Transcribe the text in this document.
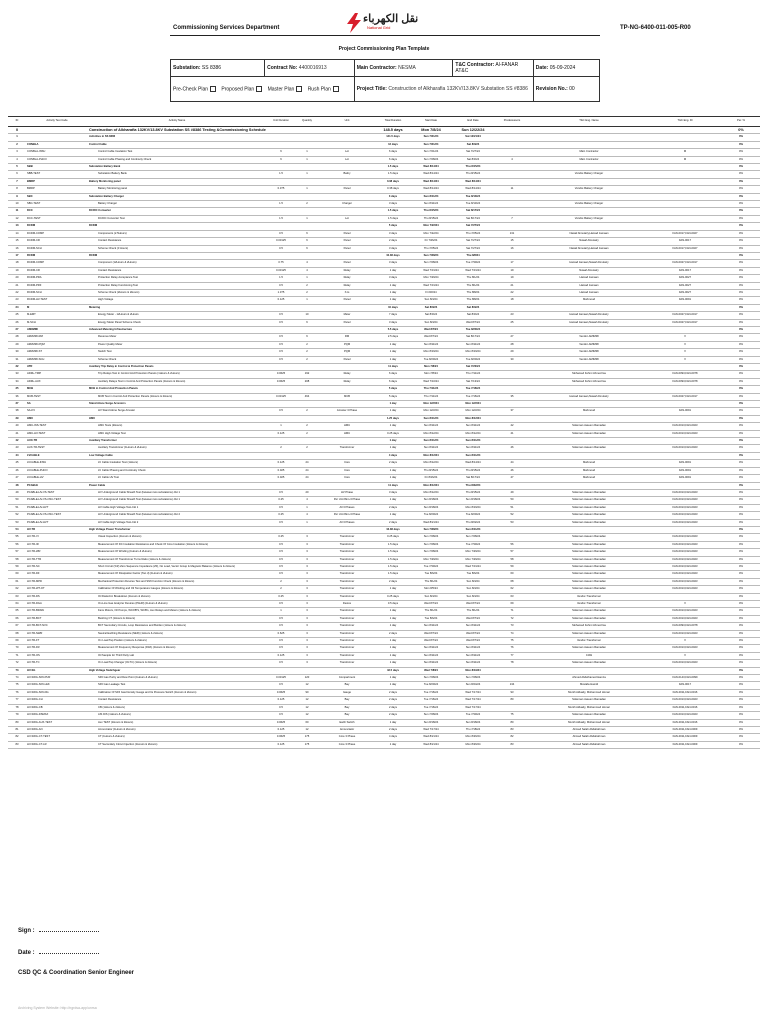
Commissioning Services Department
نقل الكهرباء
National Grid	TP-NG-6400-011-005-R00
Project Commissioning Plan Template
Substation: SS 8386	Contract No: 4400016913	Main Contractor: NESMA	T&C Contractor: Al-FANAR AT&C	Date: 05-09-2024
Pre-Check Plan Proposed Plan Master Plan Rush Plan		Project Title: Construction of Alkharafia 132KV/13.8KV Substation SS #8386		Revision No.: 00
ID	Activity Test Code	Activity Name	Unit Duration	Quantity	Unit	Total Duration	Start Date	End Date	Predecessors	T&C Eng. Name	T&C Eng. ID	Per. %
0		Construction of Alkharafia 132KV/13.8KV Substation SS #8386 Testing &Commissioning Schedule				148.5 days	Mon 7/8/24	Sun 12/22/24				0%
1		Activities in SS 8386				141.5 days	Sun 7/21/24	Sat 12/21/24				0%
2	CONBLA	Control Cable				12 days	Sun 7/21/24	Sat 8/3/24				0%
3	CONBLA-INSU	Control Cable Insulation Test	6	1	Lot	6 days	Sun 7/21/24	Sat 7/27/24		Main Contractor	M	0%
4	CONBLA-PHCO	Control Cable Phasing and Continuity Check	6	1	Lot	6 days	Sun 7/28/24	Sat 8/3/24	4	Main Contractor	M	0%
5	SBB	Substation Battery Bank				1.5 days	Wed 8/14/24	Thu 8/15/24				0%
6	SBB-TEST	Substation Battery Bank	1.5	1	Battry	1.5 days	Wed 8/14/24	Thu 8/15/24		Vendor-Battery Charger		0%
7	BMRP	Battery Monitoring panel				0.38 days	Wed 8/14/24	Wed 8/14/24				0%
8	BMRP	Battery Monitoring panel	0.375	1	Panel	0.38 days	Wed 8/14/24	Wed 8/14/24	11	Vendor-Battery Charger		0%
9	SBC	Substation Battery Charger				3 days	Sun 8/11/24	Tue 8/13/24				0%
10	SBC-TEST	Battery Charger	1.5	2	Charger	3 days	Sun 8/11/24	Tue 8/13/24		Vendor-Battery Charger		0%
11	DCC	DC/DC Converter				1.5 days	Thu 8/15/24	Sat 8/17/24				0%
12	DCC-TEST	DC/DC Converter Test	1.5	1	Lot	1.5 days	Thu 8/15/24	Sat 8/17/24	7	Vendor-Battery Charger		0%
13	DCDM	DCDM				5 days	Mon 7/22/24	Sat 7/27/24				0%
14	DCDM-COMP	Components (2.5Hours)	0.5	6	Panel	3 days	Mon 7/22/24	Thu 7/25/24	131	Nawaf Almutairy,Hamad Jamaan	FAN-0017,FAN-0027	0%
15	DCDM-CR	Contact Resistance	0.03125	6	Panel	2 days	Fri 7/26/24	Sat 7/27/24	15	Nawaf Almutairy	FAN-0017	0%
16	DCDM-SCH	Scheme Check (3 Hours)	0.5	6	Panel	3 days	Thu 7/25/24	Sat 7/27/24	16	Nawaf Almutairy,Hamad Jamaan	FAN-0017,FAN-0027	0%
17	RCDM	RCDM				10.38 days	Sun 7/28/24	Thu 8/8/24				0%
18	RCDM-COMP	Component (12Hours & 2Hours)	0.75	4	Panel	3 days	Sun 7/28/24	Tue 7/30/24	17	Hamad Jamaan,Nawaf Almutairy	FAN-0027,FAN-0017	0%
19	RCDM-CR	Contact Resistance	0.03125	4	Relay	1 day	Wed 7/31/24	Wed 7/31/24	19	Nawaf Almutairy	FAN-0017	0%
20	RCDM-PRA	Protection Relay Acceptance Test	1.5	1	Relay	3 days	Mon 7/29/24	Thu 8/1/24	19	Hamad Jamaan	FAN-0027	0%
21	RCDM-PRF	Protection Relay Functioning Test	0.5	2	Relay	1 day	Wed 7/31/24	Thu 8/1/24	21	Hamad Jamaan	FAN-0027	0%
22	RCDM-SCH	Scheme Check (2Hours & 2Hours)	1.375	2	X-ls	1 day	Fri 8/2/24	Thu 8/8/24	22	Hamad Jamaan	FAN-0027	0%
23	RCDM-HV-TEST	High Voltage	0.125	1	Panel	1 day	Sun 8/4/24	Thu 8/8/24	18	Mahmoud	FAN-0091	0%
24	M	Metering				10 days	Sat 8/3/24	Sat 8/3/24				0%
25	M-EMT	Energy Meter - 12Hours & 2Hours	0.5	10	Meter	7 days	Sat 8/3/24	Sat 8/3/24	23	Hamad Jamaan,Nawaf Almutairy	FAN-0027,FAN-0017	0%
26	M-SCH	Energy Meter Panel Scheme Check	0.5	6	Panel	3 days	Sun 8/4/24	Wed 8/7/24	25	Hamad Jamaan,Nawaf Almutairy	FAN-0027,FAN-0017	0%
27	AMI/MMI	Advanced Metering Infrastructure				5.5 days	Wed 8/7/24	Tue 8/20/24				0%
28	AMI/MMI-RM	Revenue Meter	0.5	6	RM	2.5 days	Wed 8/7/24	Sat 8/17/24	27	Vendor-AMIMMI	V	0%
29	AMI/MMI-PQM	Power Quality Meter	0.5	2	PQM	1 day	Sun 8/11/24	Sun 8/11/24	28	Vendor-AMIMMI	V	0%
30	AMI/MMI-ST	Switch Test	0.5	2	PQM	1 day	Mon 8/19/24	Mon 8/19/24	29	Vendor-AMIMMI	V	0%
31	AMI/MMI-SCH	Scheme Check	0.5	2	Panel	1 day	Tue 8/20/24	Tue 8/20/24	30	Vendor-AMIMMI	V	0%
32	ATR	Auxiliary Trip Relay in Control & Protection Panels				11 days	Mon 7/8/24	Sat 7/20/24				0%
33	ADRL-TRIP	Trip Relays Test in Control And Protection Panels (1Hours & 2Hours)	0.0625	192	Relay	6 days	Mon 7/8/24	Thu 7/11/24		Mohamed Fehmi Ahmed Isa	FAN-0093,FAN-0078	0%
34	ADRL-AUX	Auxiliary Relays Test in Control And Protection Panels (1Hours & 2Hours)	0.0625	208	Relay	6 days	Wed 7/10/24	Sat 7/13/24		Mohamed Fehmi Ahmed Isa	FAN-0093,FAN-0078	0%
35	MCB	MCB in Control And Protection Panels				5 days	Thu 7/11/24	Tue 7/16/24				0%
36	MCB-TEST	MCB Test in Control And Protection Panels (1Hours & 2Hours)	0.03125	464	MCB	5 days	Thu 7/11/24	Tue 7/16/24	35	Hamad Jamaan,Nawaf Almutairy	FAN-0027,FAN-0017	0%
37	SA	Stand Alone Surge Arrestors				1 day	Mon 12/2/24	Mon 12/2/24				0%
38	SA-KV	HV Stand Alone Surge Arrester	0.5	2	Arrester 3 Phase	1 day	Mon 12/2/24	Mon 12/2/24	37	Mahmoud	FAN-0091	0%
39	HMU	HMU				1.25 days	Sun 8/11/24	Mon 8/12/24				0%
40	HMU-INS-TEST	HMU Tests (2Hours)	1	2	HMU	1 day	Sun 8/11/24	Sun 8/11/24	42	Solieman Jaseem Ramadan	FAN-0013,FAN-0023	0%
41	HMU-HV-TEST	HMU High Voltage Test	0.125	2	HMU	0.25 days	Mon 8/12/24	Mon 8/12/24	41	Solieman Jaseem Ramadan	FAN-0013,FAN-0023	0%
42	AUX-TR	Auxiliary Transformer				1 day	Sun 8/11/24	Sun 8/11/24				0%
43	AUX-TR-TEST	Auxiliary Transformer (1Hours & 2Hours)	2	2	Transformer	1 day	Sun 8/11/24	Sun 8/11/24	46	Solieman Jaseem Ramadan	FAN-0013,FAN-0023	0%
44	LVCABLE	Low Voltage Cable				4 days	Mon 8/12/24	Sun 8/11/24				0%
45	LVCABLE-INSU	LV Cable Insulation Test (1Hours)	0.125	24	Core	2 days	Mon 8/12/24	Wed 8/14/24	44	Mahmoud	FAN-0091	0%
46	LVCABLE-PHCO	LV Cable Phasing and Continuity Check	0.025	24	Core	1 day	Thu 8/15/24	Thu 8/15/24	46	Mahmoud	FAN-0091	0%
47	LVCABLE-HV	LV Cable HV Test	0.025	24	Core	1 day	Fri 8/16/24	Sat 8/17/24	47	Mahmoud	FAN-0091	0%
48	PCABLE	Power Cable				11 days	Mon 8/12/24	Thu 8/22/24				0%
49	PCABLE-HV-VS-TEST	HV Underground Cable Sheath Test (between two substations)-Ckt 1	0.5	20	HV Phase	3 days	Mon 8/12/24	Thu 8/15/24	49	Solieman Jaseem Ramadan	FAN-0013,FAN-0023	0%
50	PCABLE-HV-VS-OSC-TEST	HV Underground Cable Sheath Test (between two substations)-Ckt 1	0.25	4	Per Unit 8km-3 Phase	1 day	Sun 8/18/24	Sun 8/18/24	50	Solieman Jaseem Ramadan	FAN-0013,FAN-0023	0%
51	PCABLE-HV-HVT	HV Cable High Voltage Test-Ckt 1	0.5	1	All 3 Phases	2 days	Sun 8/18/24	Mon 8/19/24	51	Solieman Jaseem Ramadan	FAN-0013,FAN-0023	0%
52	PCABLE-HV-VS-OSC-TEST	HV Underground Cable Sheath Test (between two substations)-Ckt 2	0.25	4	Per Unit 8km-3 Phase	1 day	Tue 8/20/24	Tue 8/20/24	52	Solieman Jaseem Ramadan	FAN-0013,FAN-0023	0%
53	PCABLE-HV-HVT	HV Cable High Voltage Test-Ckt 2	0.5	1	All 3 Phases	2 days	Wed 8/21/24	Thu 8/22/24	53	Solieman Jaseem Ramadan	FAN-0013,FAN-0023	0%
54	HV-TR	High Voltage Power Transformer				16.38 days	Sun 7/28/24	Sun 8/11/24				0%
55	HV-TR-VI	Visual Inspection (1Hours & 2Hours)	0.25	3	Transformer	0.25 days	Sun 7/28/24	Sun 7/28/24		Solieman Jaseem Ramadan	FAN-0013,FAN-0023	0%
56	HV-TR-IR	Measurement Of DC Insulation Resistance and Check Of Core Insulation (1Hours & 2Hours)	0.5	3	Transformer	1.5 days	Sun 7/28/24	Tue 7/30/24	56	Solieman Jaseem Ramadan	FAN-0013,FAN-0023	0%
57	HV-TR-WR	Measurement Of Winding (1Hours & 2Hours)	0.5	3	Transformer	1.5 days	Sun 7/28/24	Mon 7/29/24	57	Solieman Jaseem Ramadan	FAN-0013,FAN-0023	0%
58	HV-TR-TTR	Measurement Of Transformer Turns Ratio (1Hours & 2Hours)	0.5	3	Transformer	1.5 days	Mon 7/29/24	Mon 7/29/24	58	Solieman Jaseem Ramadan	FAN-0013,FAN-0023	0%
59	HV-TR-SC	Short Circuit (%Z) Zero Sequence Impedance (Z0), No Load, Vector Group & Magnetic Balance (1Hours & 2Hours)	0.5	3	Transformer	1.5 days	Tue 7/30/24	Wed 7/31/24	59	Solieman Jaseem Ramadan	FAN-0013,FAN-0023	0%
60	HV-TR-DF	Measurement Of Dissipation Factor (Tan d) (1Hours & 2Hours)	0.5	3	Transformer	1.5 days	Tue 8/6/24	Tue 8/6/24	60	Solieman Jaseem Ramadan	FAN-0013,FAN-0023	0%
61	HV-TR-MPD	Mechanical Protection Devices Test and Shift Function Check (1Hours & 2Hours)	2	3	Transformer	2 days	Thu 8/1/24	Sun 8/4/24	68	Solieman Jaseem Ramadan	FAN-0013,FAN-0023	0%
62	HV-TR-WT-OT	Calibration Of Winding and Oil Temperature Gauges (1Hours & 2Hours)	2	3	Transformer	1 day	Mon 8/5/24	Sun 8/4/24	62	Solieman Jaseem Ramadan	FAN-0013,FAN-0023	0%
63	HV-TR-DS	Oil Dielectric Breakdown (1Hours & 2Hours)	0.25	3	Transformer	0.25 days	Sun 8/4/24	Sun 8/4/24	63	Vendor-Transformer		0%
64	HV-TR-DGA	On-Line Gas Analyzer Devices (PAHD) (1Hours & 2Hours)	0.5	3	Device	0.5 days	Wed 8/7/24	Wed 8/7/24	69	Vendor-Transformer	V	0%
65	HV-TR-BRAW	Fans Motors, Oil Pumps, WCOB'S, WCB's, Aux Relays and Meters (1Hours & 2Hours)	1	3	Transformer	1 day	Thu 8/1/24	Thu 8/1/24	71	Solieman Jaseem Ramadan	FAN-0013,FAN-0023	0%
66	HV-TR-BCT	Bushing CT (1Hours & 2Hours)	0.5	3	Transformer	1 day	Tue 8/6/24	Wed 8/7/24	72	Solieman Jaseem Ramadan	FAN-0013,FAN-0023	0%
67	HV-TR-BCT-NVC	BCT Secondary Circuits, Loop Resistance and Burden (1Hours & 2Hours)	0.5	3	Transformer	1 day	Sun 8/11/24	Sun 8/11/24	73	Mohamed Fehmi Ahmed Isa	FAN-0093,FAN-0078	0%
68	HV-TR-NWR	Neutral Earthing Resistance (NER) (1Hours & 2Hours)	0.625	3	Transformer	2 days	Wed 8/7/24	Wed 8/7/24	74	Solieman Jaseem Ramadan	FAN-0013,FAN-0023	0%
69	HV-TR-FT	On Load Tap Position (1Hours & 2Hours)	0.5	3	Transformer	1 day	Wed 8/7/24	Wed 8/7/24	75	Vendor-Transformer	V	0%
70	HV-TR-FR	Measurement Of Frequency Response (FRA) (1Hours & 2Hours)	0.5	3	Transformer	1 day	Sun 8/11/24	Sun 8/11/24	76	Solieman Jaseem Ramadan	FAN-0013,FAN-0023	0%
71	HV-TR-OS	Oil Sample for Third Party Lab	0.125	3	Transformer	1 day	Sun 8/11/24	Sun 8/11/24	77	CAW	V	0%
72	HV-TR-TC	On Load Tap Changer (OLTC) (1Hours & 2Hours)	0.5	3	Transformer	1 day	Sun 8/11/24	Sun 8/11/24	78	Solieman Jaseem Ramadan	FAN-0013,FAN-0023	0%
73	HV-SG	High Voltage Switchgear				43.5 days	Wed 7/8/24	Mon 8/19/24				0%
74	HV-SWG-SF6-PUR	SF6 Gas Purity and Dew Point (1Hours & 2Hours)	0.03125	120	Compartment	1 day	Sun 7/28/24	Sun 7/28/24		Ahmed Abdelhamed Hamza	FAN-0143,FAN-0099	0%
75	HV-SWG-SF6-LEK	SF6 Gas Leakage Test	0.5	12	Bay	1 day	Tue 8/20/24	Sun 8/24/24	134	Mostafa Hamdi	FAN-0017	0%
76	HV-SWG-SF6-DG	Calibration Of SF6 Gas Density Gauge and Its Pressure Switch (1Hours & 2Hours)	0.0625	90	Gauge	2 days	Tue 7/16/24	Wed 7/17/24	93	Munth Alduaily, Mohammed Homar	FAN-0011,FAN-0016	0%
77	HV-SWG-CH	Contact Resistance	0.125	12	Bay	2 days	Tue 7/16/24	Wed 7/17/24	80	Solieman Jaseem Ramadan	FAN-0013,FAN-0023	0%
78	HV-SWG-CB	CB (1Hours & 2Hours)	0.5	12	Bay	2 days	Tue 7/16/24	Wed 7/17/24		Munth Alduaily, Mohammed Homar	FAN-0011,FAN-0016	0%
79	HV-SWG-DSMAX	AIS DIS (1Hours & 2Hours)	0.5	12	Bay	2 days	Sun 7/28/24	Tue 7/30/24	75	Solieman Jaseem Ramadan	FAN-0013,FAN-0023	0%
80	HV-SWG-AUX-TEST	Aux TEST (1Hours & 2Hours)	0.0625	60	Earth Switch	1 day	Sun 8/18/24	Sun 8/18/24	80	Munth Alduaily, Mohammed Homar	FAN-0011,FAN-0016	0%
81	HV-SWG-AN	Annunciator (1Hours & 2Hours)	0.125	12	Annunciator	2 days	Wed 7/17/24	Thu 7/18/24	83	Ahmed Salah Abdalrahman	FAN-0011,FAN-0009	0%
82	HV-SWG-CT-TEST	CT (1Hours & 2Hours)	0.0625	175	Core 3 Phase	4 days	Wed 8/21/24	Mon 8/26/24	82	Ahmed Salah Abdalrahman	FAN-0011,FAN-0009	0%
83	HV-SWG-CT-LR	CT Secondary Circuit Injection (1Hours & 2Hours)	0.125	175	Core 3 Phase	1 day	Wed 8/21/24	Mon 8/26/24	83	Ahmed Salah Abdalrahman	FAN-0011,FAN-0009	0%
Sign :
Date :
CSD QC & Coordination Senior Engineer
Archiving System Website: http://ngrdsa-app/unrsa
